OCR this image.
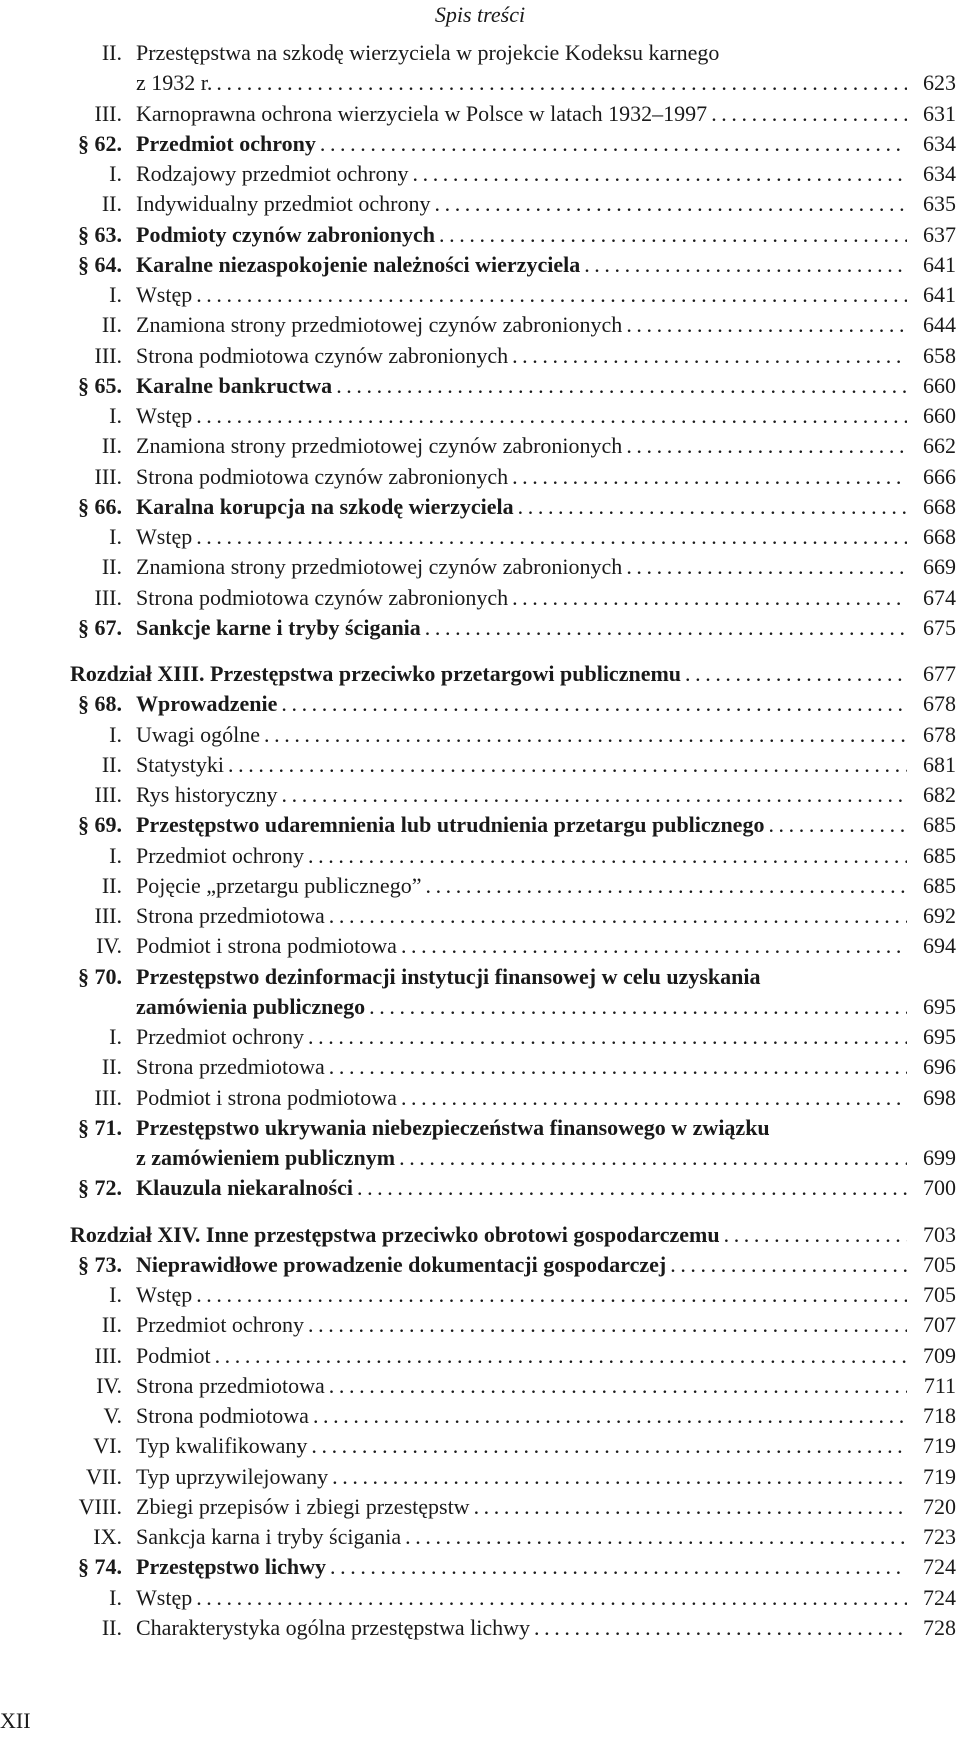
Spis treści
II. Przestępstwa na szkodę wierzyciela w projekcie Kodeksu karnego
z 1932 r. .....	623
III. Karnoprawna ochrona wierzyciela w Polsce w latach 1932–1997 .....	631
§ 62. Przedmiot ochrony .....	634
I. Rodzajowy przedmiot ochrony .....	634
II. Indywidualny przedmiot ochrony .....	635
§ 63. Podmioty czynów zabronionych .....	637
§ 64. Karalne niezaspokojenie należności wierzyciela .....	641
I. Wstęp .....	641
II. Znamiona strony przedmiotowej czynów zabronionych .....	644
III. Strona podmiotowa czynów zabronionych .....	658
§ 65. Karalne bankructwa .....	660
I. Wstęp .....	660
II. Znamiona strony przedmiotowej czynów zabronionych .....	662
III. Strona podmiotowa czynów zabronionych .....	666
§ 66. Karalna korupcja na szkodę wierzyciela .....	668
I. Wstęp .....	668
II. Znamiona strony przedmiotowej czynów zabronionych .....	669
III. Strona podmiotowa czynów zabronionych .....	674
§ 67. Sankcje karne i tryby ścigania .....	675
Rozdział XIII. Przestępstwa przeciwko przetargowi publicznemu .....	677
§ 68. Wprowadzenie .....	678
I. Uwagi ogólne .....	678
II. Statystyki .....	681
III. Rys historyczny .....	682
§ 69. Przestępstwo udaremnienia lub utrudnienia przetargu publicznego .....	685
I. Przedmiot ochrony .....	685
II. Pojęcie „przetargu publicznego” .....	685
III. Strona przedmiotowa .....	692
IV. Podmiot i strona podmiotowa .....	694
§ 70. Przestępstwo dezinformacji instytucji finansowej w celu uzyskania
zamówienia publicznego .....	695
I. Przedmiot ochrony .....	695
II. Strona przedmiotowa .....	696
III. Podmiot i strona podmiotowa .....	698
§ 71. Przestępstwo ukrywania niebezpieczeństwa finansowego w związku
z zamówieniem publicznym .....	699
§ 72. Klauzula niekaralności .....	700
Rozdział XIV. Inne przestępstwa przeciwko obrotowi gospodarczemu .....	703
§ 73. Nieprawidłowe prowadzenie dokumentacji gospodarczej .....	705
I. Wstęp .....	705
II. Przedmiot ochrony .....	707
III. Podmiot .....	709
IV. Strona przedmiotowa .....	711
V. Strona podmiotowa .....	718
VI. Typ kwalifikowany .....	719
VII. Typ uprzywilejowany .....	719
VIII. Zbiegi przepisów i zbiegi przestępstw .....	720
IX. Sankcja karna i tryby ścigania .....	723
§ 74. Przestępstwo lichwy .....	724
I. Wstęp .....	724
II. Charakterystyka ogólna przestępstwa lichwy .....	728
XII
